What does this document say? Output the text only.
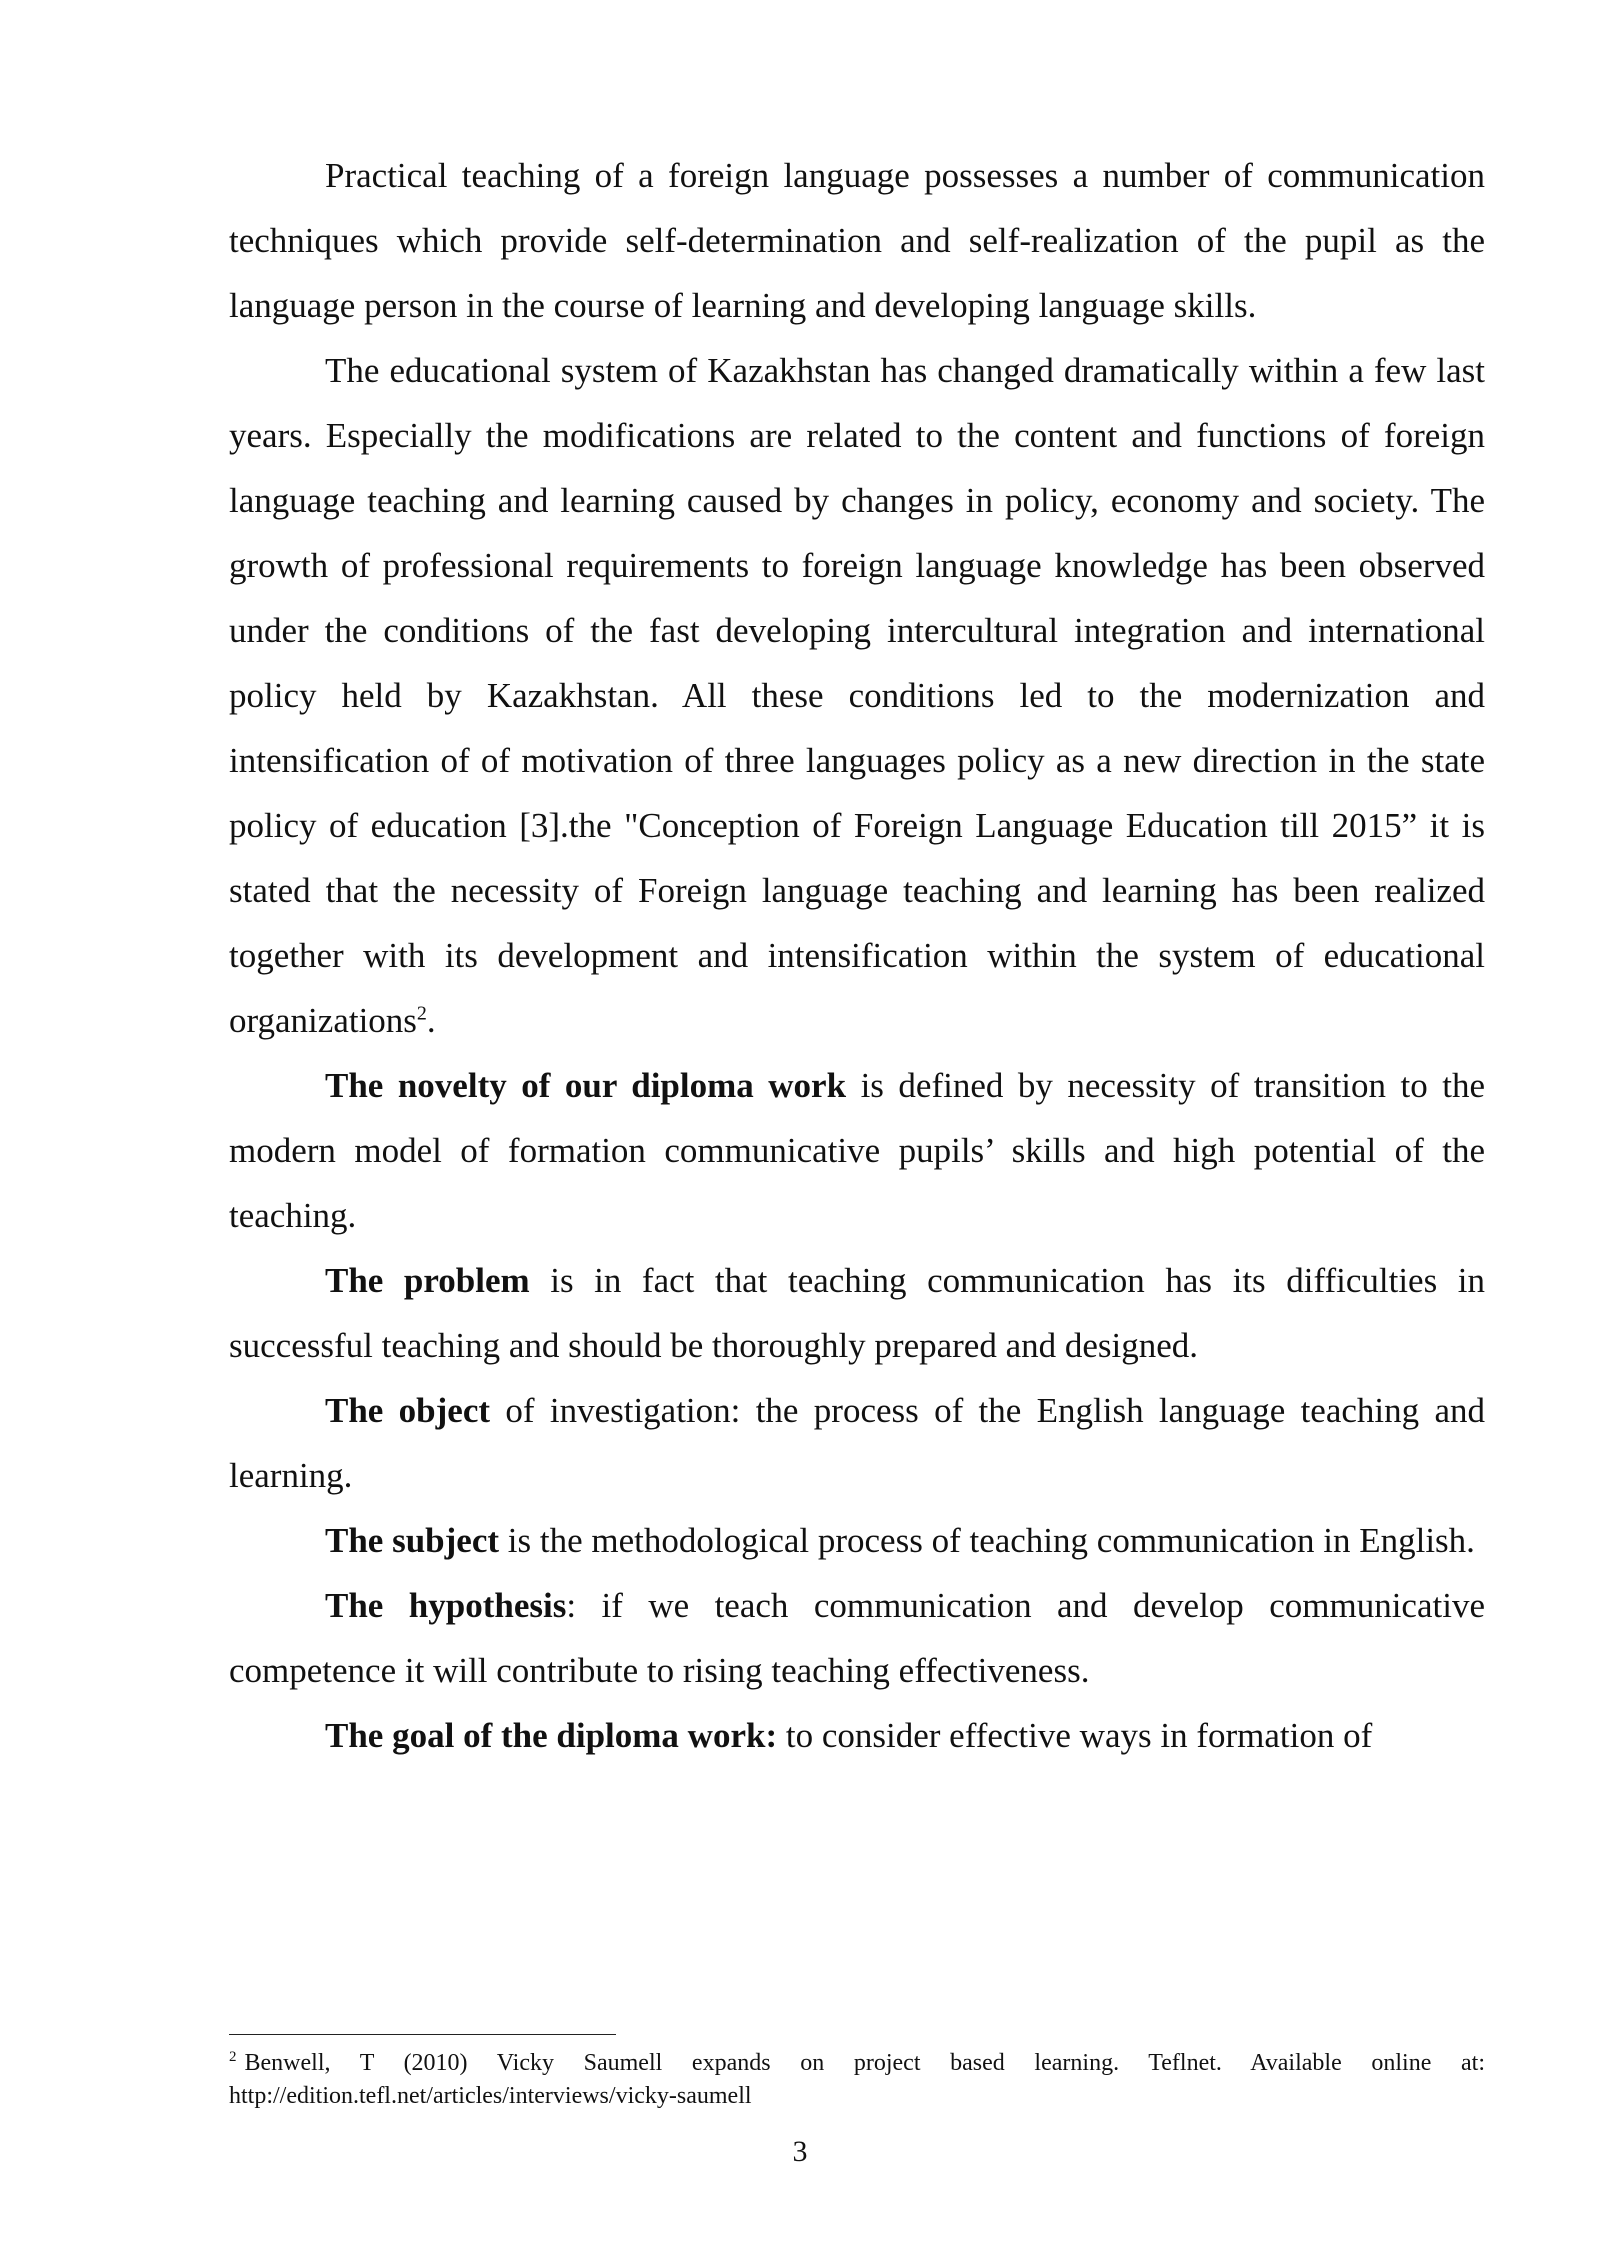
Practical teaching of a foreign language possesses a number of communication techniques which provide self-determination and self-realization of the pupil as the language person in the course of learning and developing language skills.

The educational system of Kazakhstan has changed dramatically within a few last years. Especially the modifications are related to the content and functions of foreign language teaching and learning caused by changes in policy, economy and society. The growth of professional requirements to foreign language knowledge has been observed under the conditions of the fast developing intercultural integration and international policy held by Kazakhstan. All these conditions led to the modernization and intensification of of motivation of three languages policy as a new direction in the state policy of education [3].the "Conception of Foreign Language Education till 2015” it is stated that the necessity of Foreign language teaching and learning has been realized together with its development and intensification within the system of educational organizations$^2$.

The novelty of our diploma work is defined by necessity of transition to the modern model of formation communicative pupils’ skills and high potential of the teaching.

The problem is in fact that teaching communication has its difficulties in successful teaching and should be thoroughly prepared and designed.

The object of investigation: the process of the English language teaching and learning.

The subject is the methodological process of teaching communication in English.

The hypothesis: if we teach communication and develop communicative competence it will contribute to rising teaching effectiveness.

The goal of the diploma work: to consider effective ways in formation of

$^2$ Benwell, T (2010) Vicky Saumell expands on project based learning. Teflnet. Available online at: http://edition.tefl.net/articles/interviews/vicky-saumell

3
